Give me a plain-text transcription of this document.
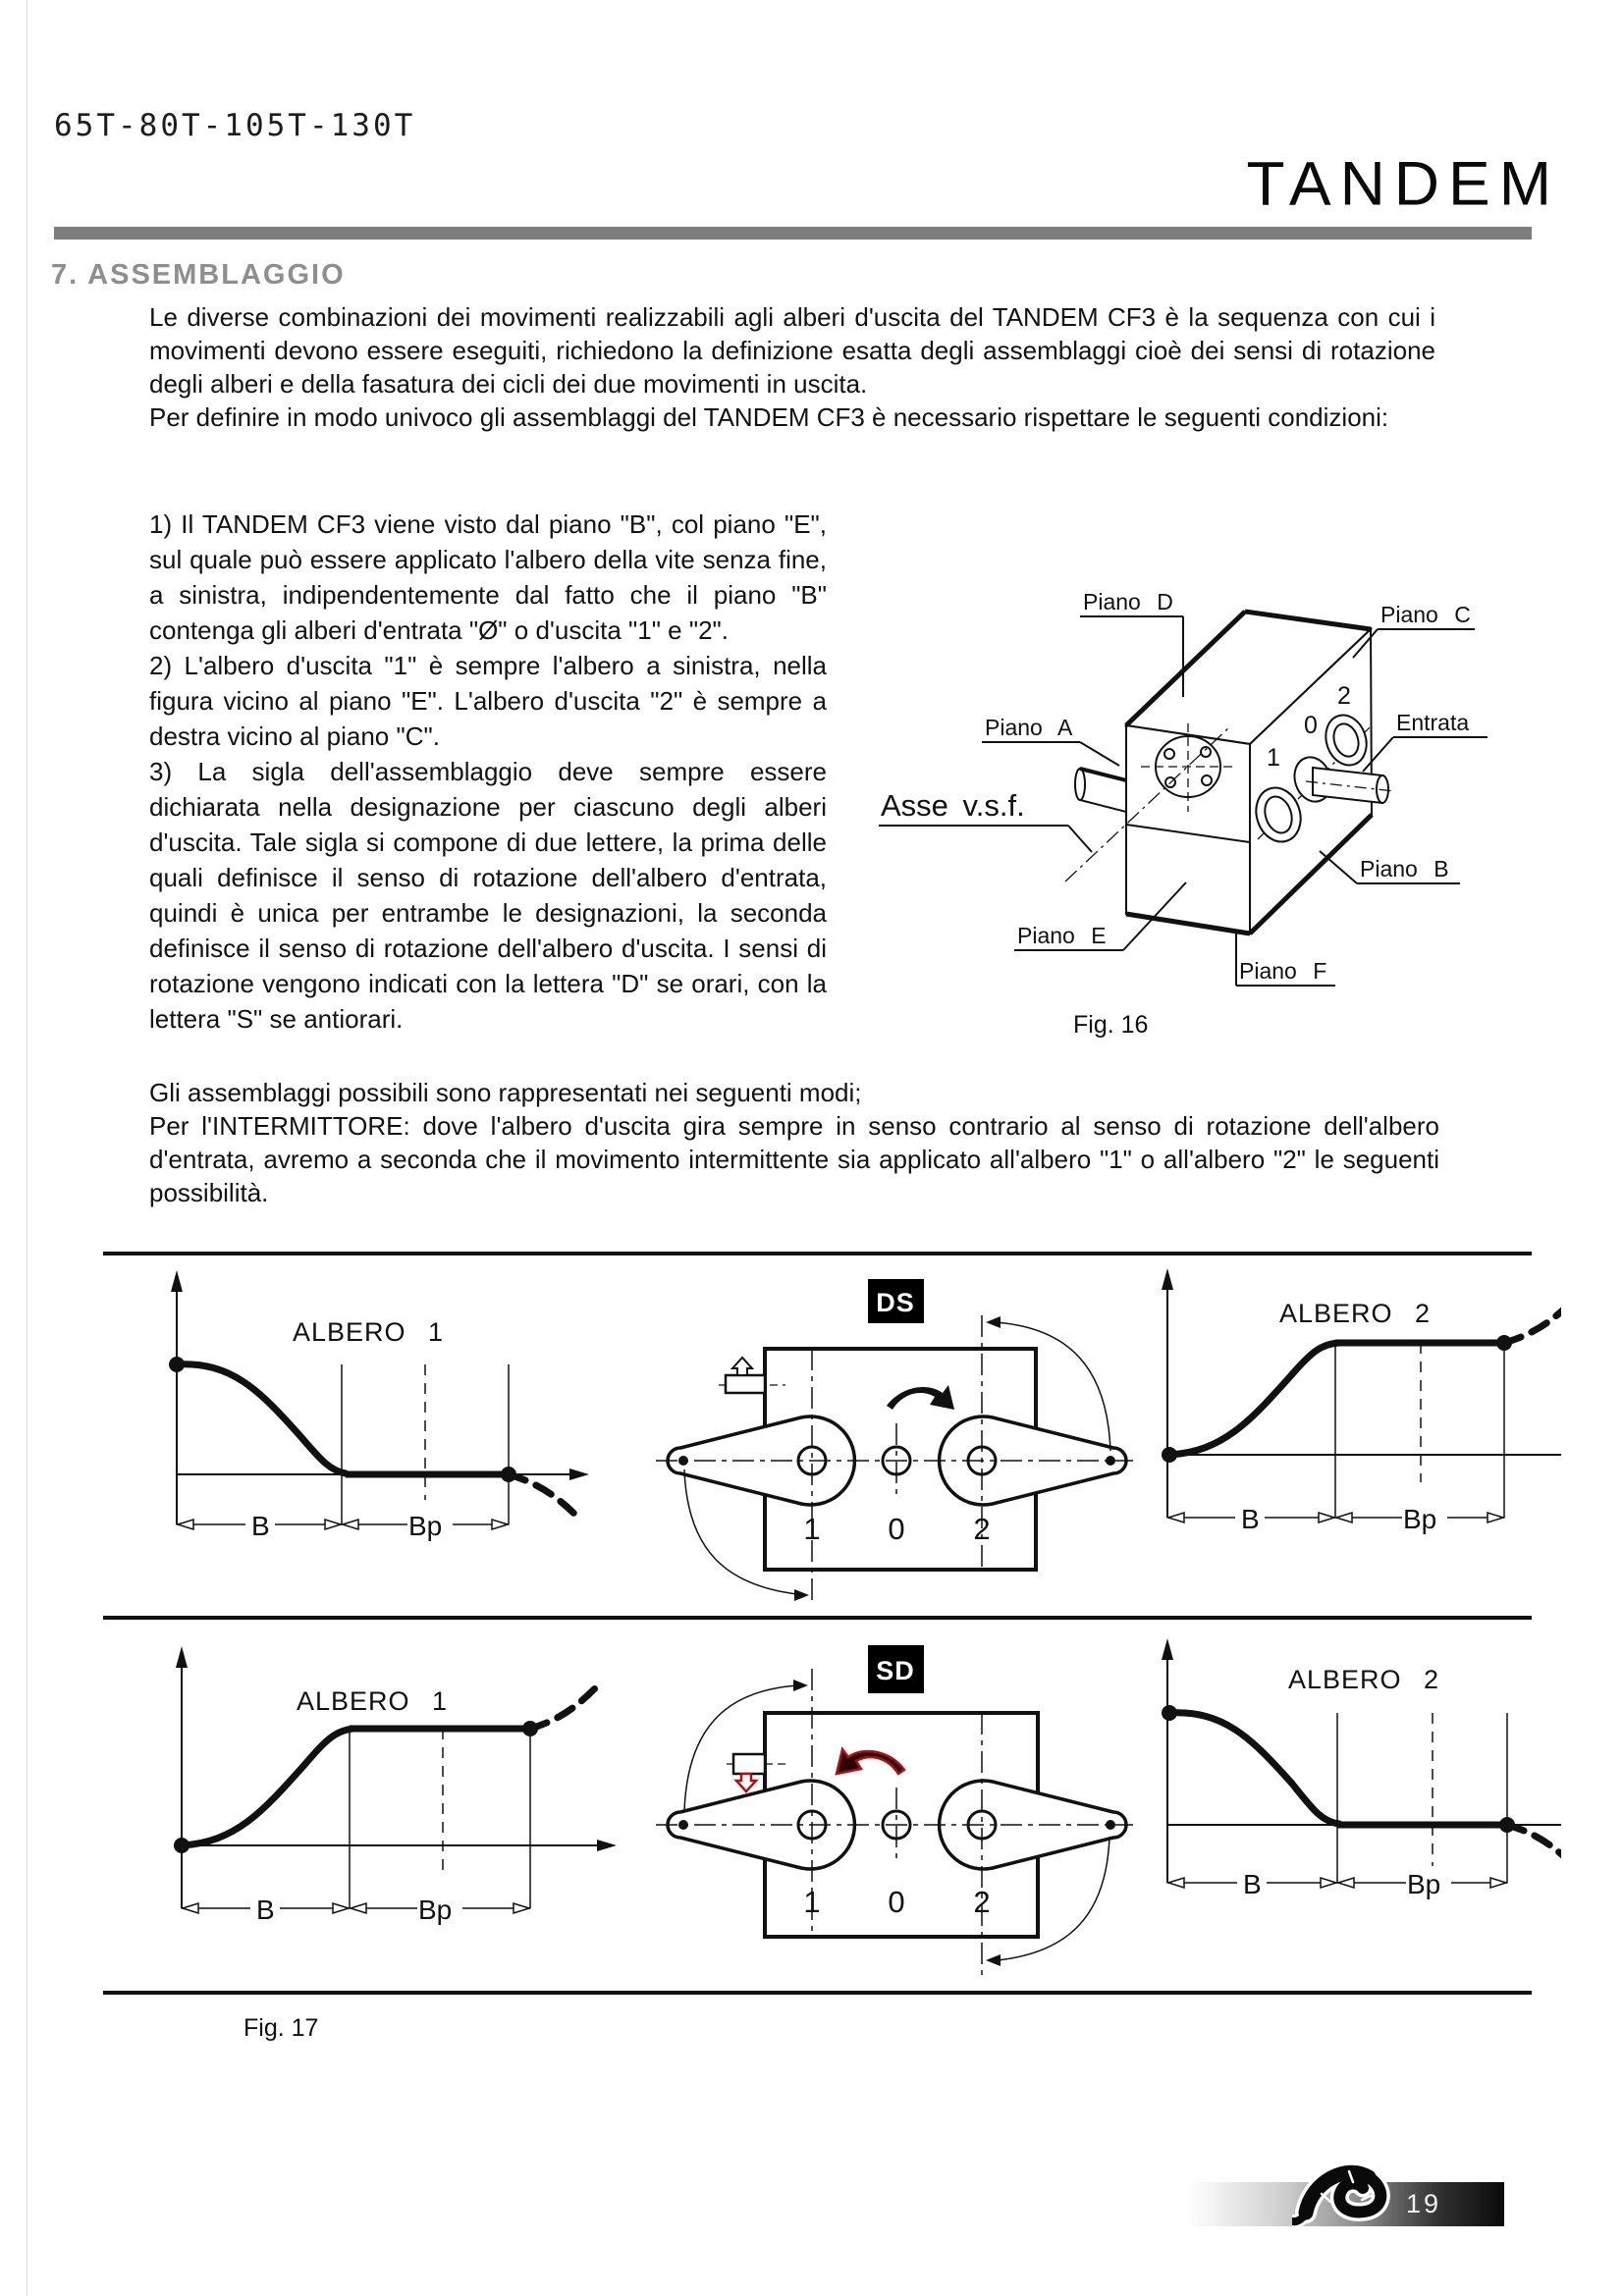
65T-80T-105T-130T
TANDEM
7. ASSEMBLAGGIO
Le diverse combinazioni dei movimenti realizzabili agli alberi d'uscita del TANDEM CF3 è la sequenza con cui i movimenti devono essere eseguiti, richiedono la definizione esatta degli assemblaggi cioè dei sensi di rotazione degli alberi e della fasatura dei cicli dei due movimenti in uscita.
Per definire in modo univoco gli assemblaggi del TANDEM CF3 è necessario rispettare le seguenti condizioni:
1) Il TANDEM CF3 viene visto dal piano "B", col piano "E", sul quale può essere applicato l'albero della vite senza fine, a sinistra, indipendentemente dal fatto che il piano "B" contenga gli alberi d'entrata "Ø" o d'uscita "1" e "2".
2) L'albero d'uscita "1" è sempre l'albero a sinistra, nella figura vicino al piano "E". L'albero d'uscita "2" è sempre a destra vicino al piano "C".
3) La sigla dell'assemblaggio deve sempre essere dichiarata nella designazione per ciascuno degli alberi d'uscita. Tale sigla si compone di due lettere, la prima delle quali definisce il senso di rotazione dell'albero d'entrata, quindi è unica per entrambe le designazioni, la seconda definisce il senso di rotazione dell'albero d'uscita. I sensi di rotazione vengono indicati con la lettera "D" se orari, con la lettera "S" se antiorari.
Piano D	Piano C
Piano A	Entrata
Asse v.s.f.
Piano B
Piano E
Piano F
1
0
2
Fig. 16
Gli assemblaggi possibili sono rappresentati nei seguenti modi;
Per l'INTERMITTORE: dove l'albero d'uscita gira sempre in senso contrario al senso di rotazione dell'albero d'entrata, avremo a seconda che il movimento intermittente sia applicato all'albero "1" o all'albero "2" le seguenti possibilità.
B	Bp
ALBERO 1
DS
1 0 2	B	Bp
ALBERO 2
B	Bp
ALBERO 1
SD
1 0 2
B	Bp
ALBERO 2
Fig. 17
19
